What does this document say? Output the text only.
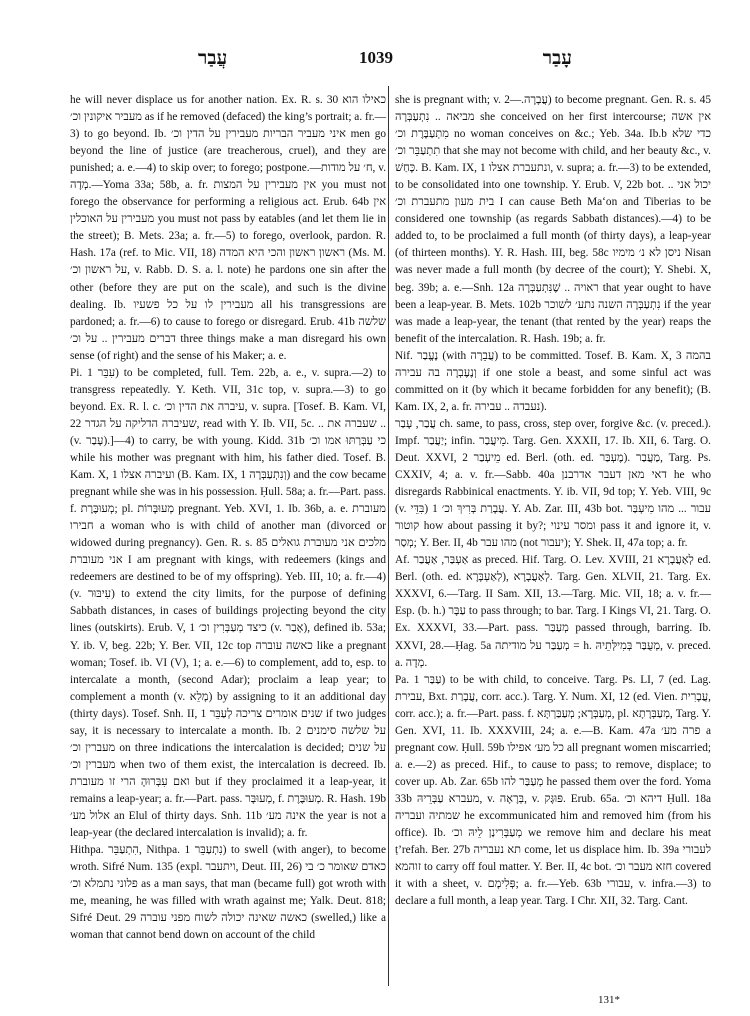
עֲבַר	1039	עָבַר

he will never displace us for another nation. Ex. R. s. 30 כאילו הוא מעביר איקונין וכ׳ as if he removed (defaced) the king’s portrait; a. fr.—3) to go beyond. Ib. איני מעביר הבריות מעבירין על הדין וכ׳ men go beyond the line of justice (are treacherous, cruel), and they are punished; a. e.—4) to skip over; to forego; postpone.—ח׳ על מודות, v. מְדָה.—Yoma 33a; 58b, a. fr. אין מעבירין על המצות you must not forego the observance for performing a religious act. Erub. 64b אין מעבירין על האוכלין you must not pass by eatables (and let them lie in the street); B. Mets. 23a; a. fr.—5) to forego, overlook, pardon. R. Hash. 17a (ref. to Mic. VII, 18) ראשון ראשון והכי היא המדה (Ms. M. על ראשון וכ׳, v. Rabb. D. S. a. l. note) he pardons one sin after the other (before they are put on the scale), and such is the divine dealing. Ib. מעבירין לו על כל פשעיו all his transgressions are pardoned; a. fr.—6) to cause to forego or disregard. Erub. 41b שלשה דברים מעבירין .. על וכ׳ three things make a man disregard his own sense (of right) and the sense of his Maker; a. e.

Pi. עִבֵּר 1) to be completed, full. Tem. 22b, a. e., v. supra.—2) to transgress repeatedly. Y. Keth. VII, 31c top, v. supra.—3) to go beyond. Ex. R. l. c. עיברה את הדין וכ׳, v. supra. [Tosef. B. Kam. VI, 22 שעיברה הדליקה על הגדר, read with Y. Ib. VII, 5c. .. שעברה את .. (v. עָבַר).]—4) to carry, be with young. Kidd. 31b כי עַבְּרַתּוּ אמו וכ׳ while his mother was pregnant with him, his father died. Tosef. B. Kam. X, 1 ועיברה אצלו (B. Kam. IX, 1 וְנִתְעַבְּרָה) and the cow became pregnant while she was in his possession. Ḥull. 58a; a. fr.—Part. pass. f. מְעוּבֶּרֶת; pl. מְעוּבָּרוֹת pregnant. Yeb. XVI, 1. Ib. 36b, a. e. מעוברת חבירו a woman who is with child of another man (divorced or widowed during pregnancy). Gen. R. s. 85 מלכים אני מעוברת גואלים אני מעוברת I am pregnant with kings, with redeemers (kings and redeemers are destined to be of my offspring). Yeb. III, 10; a. fr.—4) (v. עִיבּוּר) to extend the city limits, for the purpose of defining Sabbath distances, in cases of buildings projecting beyond the city lines (outskirts). Erub. V, 1 כיצד מְעַבְּרִין וכ׳ (v. אָבַר), defined ib. 53a; Y. ib. V, beg. 22b; Y. Ber. VII, 12c top כאשה עוברה like a pregnant woman; Tosef. ib. VI (V), 1; a. e.—6) to complement, add to, esp. to intercalate a month, (second Adar); proclaim a leap year; to complement a month (v. מָלֵא) by assigning to it an additional day (thirty days). Tosef. Snh. II, 1 שנים אומרים צריכה לְעַבֵּר if two judges say, it is necessary to intercalate a month. Ib. 2 על שלשה סימנים מעברין וכ׳ on three indications the intercalation is decided; על שנים מעברין וכ׳ when two of them exist, the intercalation is decreed. Ib. ואם עִבְּרוּהָ הרי זו מעוברת but if they proclaimed it a leap-year, it remains a leap-year; a. fr.—Part. pass. מְעוּבָּר, f. מְעוּבֶּרֶת. R. Hash. 19b אלול מע׳ an Elul of thirty days. Snh. 11b אינה מע׳ the year is not a leap-year (the declared intercalation is invalid); a. fr.

Hithpa. הִתְעַבֵּר, Nithpa. נִתְעַבֵּר 1) to swell (with anger), to become wroth. Sifré Num. 135 (expl. ויתעבר, Deut. III, 26) כאדם שאומר כ׳ בי פלוני נתמלא וכ׳ as a man says, that man (became full) got wroth with me, meaning, he was filled with wrath against me; Yalk. Deut. 818; Sifré Deut. 29 כאשה שאינה יכולה לשוח מפני עוברה (swelled,) like a woman that cannot bend down on account of the child

she is pregnant with; v. עֲבָרָה.—2) to become pregnant. Gen. R. s. 45 מביאה .. נִתְעַבְּרָה she conceived on her first intercourse; אין אשה מִתְעַבֶּרֶת וכ׳ no woman conceives on &c.; Yeb. 34a. Ib.b כדי שלא תִתְעַבֵּר וכ׳ that she may not become with child, and her beauty &c., v. כָּחַשׁ. B. Kam. IX, 1 ונתעברת אצלו, v. supra; a. fr.—3) to be extended, to be consolidated into one township. Y. Erub. V, 22b bot. יכול אני .. בית מעון מתעברת וכ׳ I can cause Beth Ma‘on and Tiberias to be considered one township (as regards Sabbath distances).—4) to be added to, to be proclaimed a full month (of thirty days), a leap-year (of thirteen months). Y. R. Hash. III, beg. 58c ניסן לא נ׳ מימיו Nisan was never made a full month (by decree of the court); Y. Shebi. X, beg. 39b; a. e.—Snh. 12a ראויה .. שֶׁנִּתְעַבְּרָה that year ought to have been a leap-year. B. Mets. 102b נִתְעַבְּרָה השנה נתע׳ לשוכר if the year was made a leap-year, the tenant (that rented by the year) reaps the benefit of the intercalation. R. Hash. 19b; a. fr.

Nif. נֶעֱבַר (with עֲבֵרָה) to be committed. Tosef. B. Kam. X, 3 בהמה וְנֶעֶבְרָה בה עבירה if one stole a beast, and some sinful act was committed on it (by which it became forbidden for any benefit); (B. Kam. IX, 2, a. fr. נעבדה .. עבירה).

עֲבַר, עָבַר ch. same, to pass, cross, step over, forgive &c. (v. preced.). Impf. יַעֲבַר; infin. מֵיעֲבַר. Targ. Gen. XXXII, 17. Ib. XII, 6. Targ. O. Deut. XXVI, 2 מֵיעְבַר ed. Berl. (oth. ed. מֶעְבַּר). מַעֲבַר, Targ. Ps. CXXIV, 4; a. v. fr.—Sabb. 40a דאי מאן דעבר אדרבנן he who disregards Rabbinical enactments. Y. ib. VII, 9d top; Y. Yeb. VIII, 9c (v. בִּדֵּי) עֲבָרַת בְּרִיךְ וכ׳ 1. Y. Ab. Zar. III, 43b bot. עבור ... מהו מִיעְבַּר קוטור how about passing it by?; ומסר עינוי pass it and ignore it, v. מְסַר; Y. Ber. II, 4b מהו עבר (not יעבור); Y. Shek. II, 47a top; a. fr.

Af. אַעְבַּר, אַעֲבַר as preced. Hif. Targ. O. Lev. XVIII, 21 לְאַעֲבָרָא ed. Berl. (oth. ed. לְאַעְבָּרָא), לְאַעֲבָרָא. Targ. Gen. XLVII, 21. Targ. Ex. XXXVI, 6.—Targ. II Sam. XII, 13.—Targ. Mic. VII, 18; a. v. fr.—Esp. (b. h.) עַבָּר to pass through; to bar. Targ. I Kings VI, 21. Targ. O. Ex. XXXVI, 33.—Part. pass. מְעַבַּר passed through, barring. Ib. XXVI, 28.—Ḥag. 5a מְעַבַּר על מודיתה = h. מְעֻבַּר בְּמִילְּתֵיהּ, v. preced. a. מְדָה.

Pa. עַבַּר 1) to be with child, to conceive. Targ. Ps. LI, 7 (ed. Lag. עבירת, Bxt. עֲבָרַת, corr. acc.). Targ. Y. Num. XI, 12 (ed. Vien. עֲבָרִית, corr. acc.); a. fr.—Part. pass. f. מְעַבְּרָא; מְעַבַּרְתָּא, pl. מְעַבְּרָתָא, Targ. Y. Gen. XVI, 11. Ib. XXXVIII, 24; a. e.—B. Kam. 47a פרה מע׳ a pregnant cow. Ḥull. 59b כל מע׳ אפילו all pregnant women miscarried; a. e.—2) as preced. Hif., to cause to pass; to remove, displace; to cover up. Ab. Zar. 65b מְעַבַּר להו he passed them over the ford. Yoma 33b מעברא עַבְּרֵיהּ, v. בְּרָאָה, v. פּוּגָּק. Erub. 65a. דיהא וכ׳ Ḥull. 18a שמתיה ועבריה he excommunicated him and removed him (from his office). Ib. מְעַבְּרִינַן לֵיהּ וכ׳ we remove him and declare his meat ṭ’refah. Ber. 27b תא נעבריה come, let us displace him. Ib. 39a לעבורי זוהמא to carry off foul matter. Y. Ber. II, 4c bot. חזא מעבר וכ׳ covered it with a sheet, v. פְּלִימָם; a. fr.—Yeb. 63b עבורי, v. infra.—3) to declare a full month, a leap year. Targ. I Chr. XII, 32. Targ. Cant.

131*
